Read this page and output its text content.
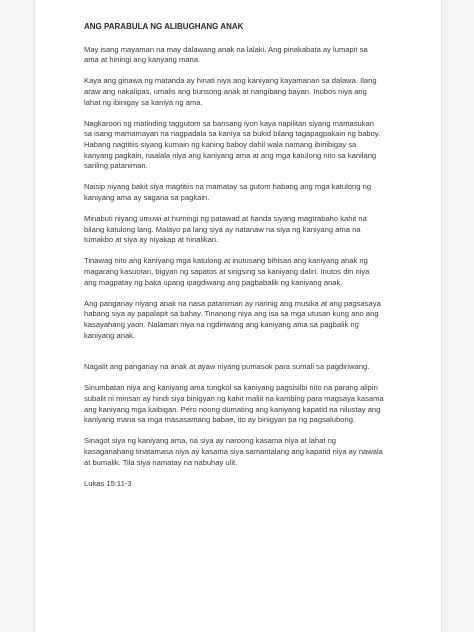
ANG PARABULA NG ALIBUGHANG ANAK
May isang mayaman na may dalawang anak na lalaki. Ang pinakabata ay lumapit sa ama at hiningi ang kanyang mana.
Kaya ang ginawa ng matanda ay hinati niya ang kaniyang kayamanan sa dalawa. Ilang araw ang nakalipas, umalis ang bunsong anak at nangibang bayan. Inubos niya ang lahat ng ibinigay sa kaniya ng ama.
Nagkaroon ng matinding taggutom sa bansang iyon kaya napilitan siyang mamasukan sa isang mamamayan na nagpadala sa kaniya sa bukid bilang tagapagpakain ng baboy. Habang nagtitiis siyang kumain ng kaning baboy dahil wala namang ibinibigay sa kanyang pagkain, naalala niya ang kaniyang ama at ang mga katulong nito sa kanilang sariling pataniman.
Naisip niyang bakit siya magtitiis na mamatay sa gutom habang ang mga katulong ng kaniyang ama ay sagana sa pagkain.
Minabuti niyang umuwi at humingi ng patawad at handa siyang magtrabaho kahit na bilang katulong lang. Malayo pa lang siya ay natanaw na siya ng kaniyang ama na tumakbo at siya ay niyakap at hinalikan.
Tinawag nito ang kaniyang mga katulong at inutusang bihisan ang kaniyang anak ng magarang kasuotan, bigyan ng sapatos at singsing sa kaniyang daliri. Inutos din niya ang magpatay ng baka upang ipagdiwang ang pagbabalik ng kaniyang anak.
Ang panganay niyang anak na nasa pataniman ay narinig ang musika at ang pagsasaya habang siya ay papalapit sa bahay. Tinanong niya ang isa sa mga utusan kung ano ang kasayahang yaon. Nalaman niya na ngdiriwang ang kaniyang ama sa pagbalik ng kaniyang anak.
Nagalit ang panganay na anak at ayaw niyang pumasok para sumali sa pagdiriwang.
Sinumbatan niya ang kaniyang ama tungkol sa kaniyang pagsisilbi nito na parang alipin subalit ni minsan ay hindi siya binigyan ng kahit maliit na kambing para magsaya kasama ang kaniyang mga kaibigan. Pero noong dumating ang kaniyang kapatid na nilustay ang kaniyang mana sa mga masasamang babae, ito ay binigyan pa ng pagsalubong.
Sinagot siya ng kaniyang ama, na siya ay naroong kasama niya at lahat ng kasaganahang tinatamasa niya ay kasama siya samantalang ang kapatid niya ay nawala at bumalik. Tila siya namatay na nabuhay ulit.
Lukas 15:11-3
